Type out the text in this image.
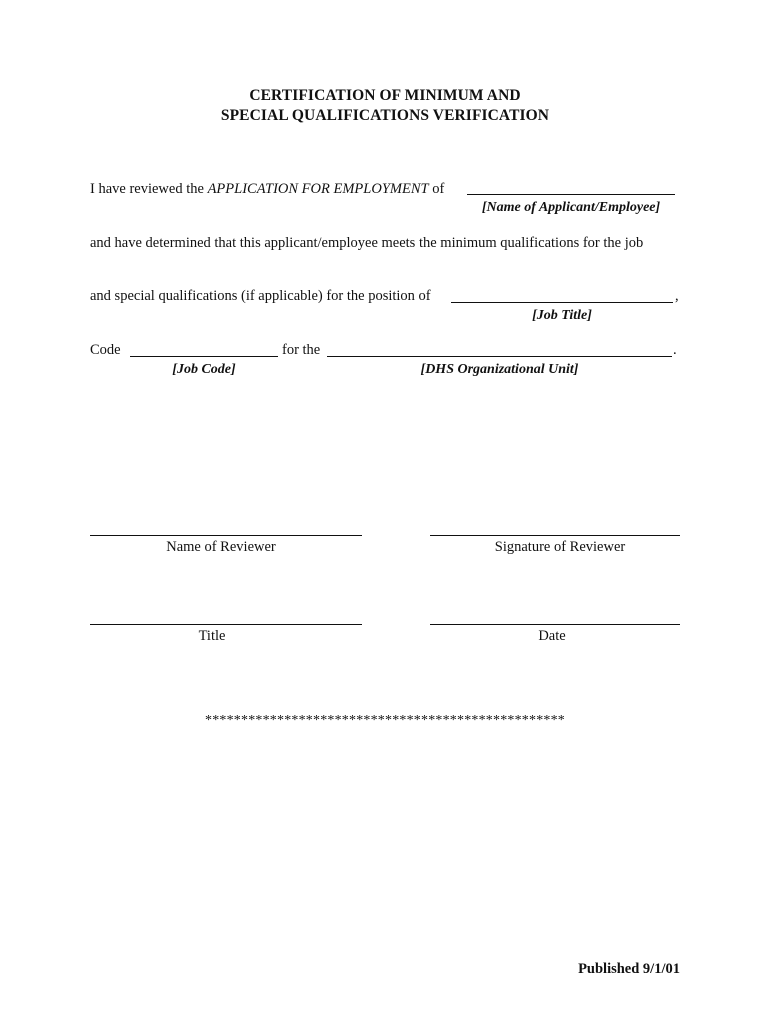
CERTIFICATION OF MINIMUM AND
SPECIAL QUALIFICATIONS VERIFICATION
I have reviewed the APPLICATION FOR EMPLOYMENT of
[Name of Applicant/Employee]
and have determined that this applicant/employee meets the minimum qualifications for the job
and special qualifications (if applicable) for the position of	,
[Job Title]
Code	for the	.
[Job Code]	[DHS Organizational Unit]
Name of Reviewer	Signature of Reviewer
Title	Date
**************************************************
Published 9/1/01
